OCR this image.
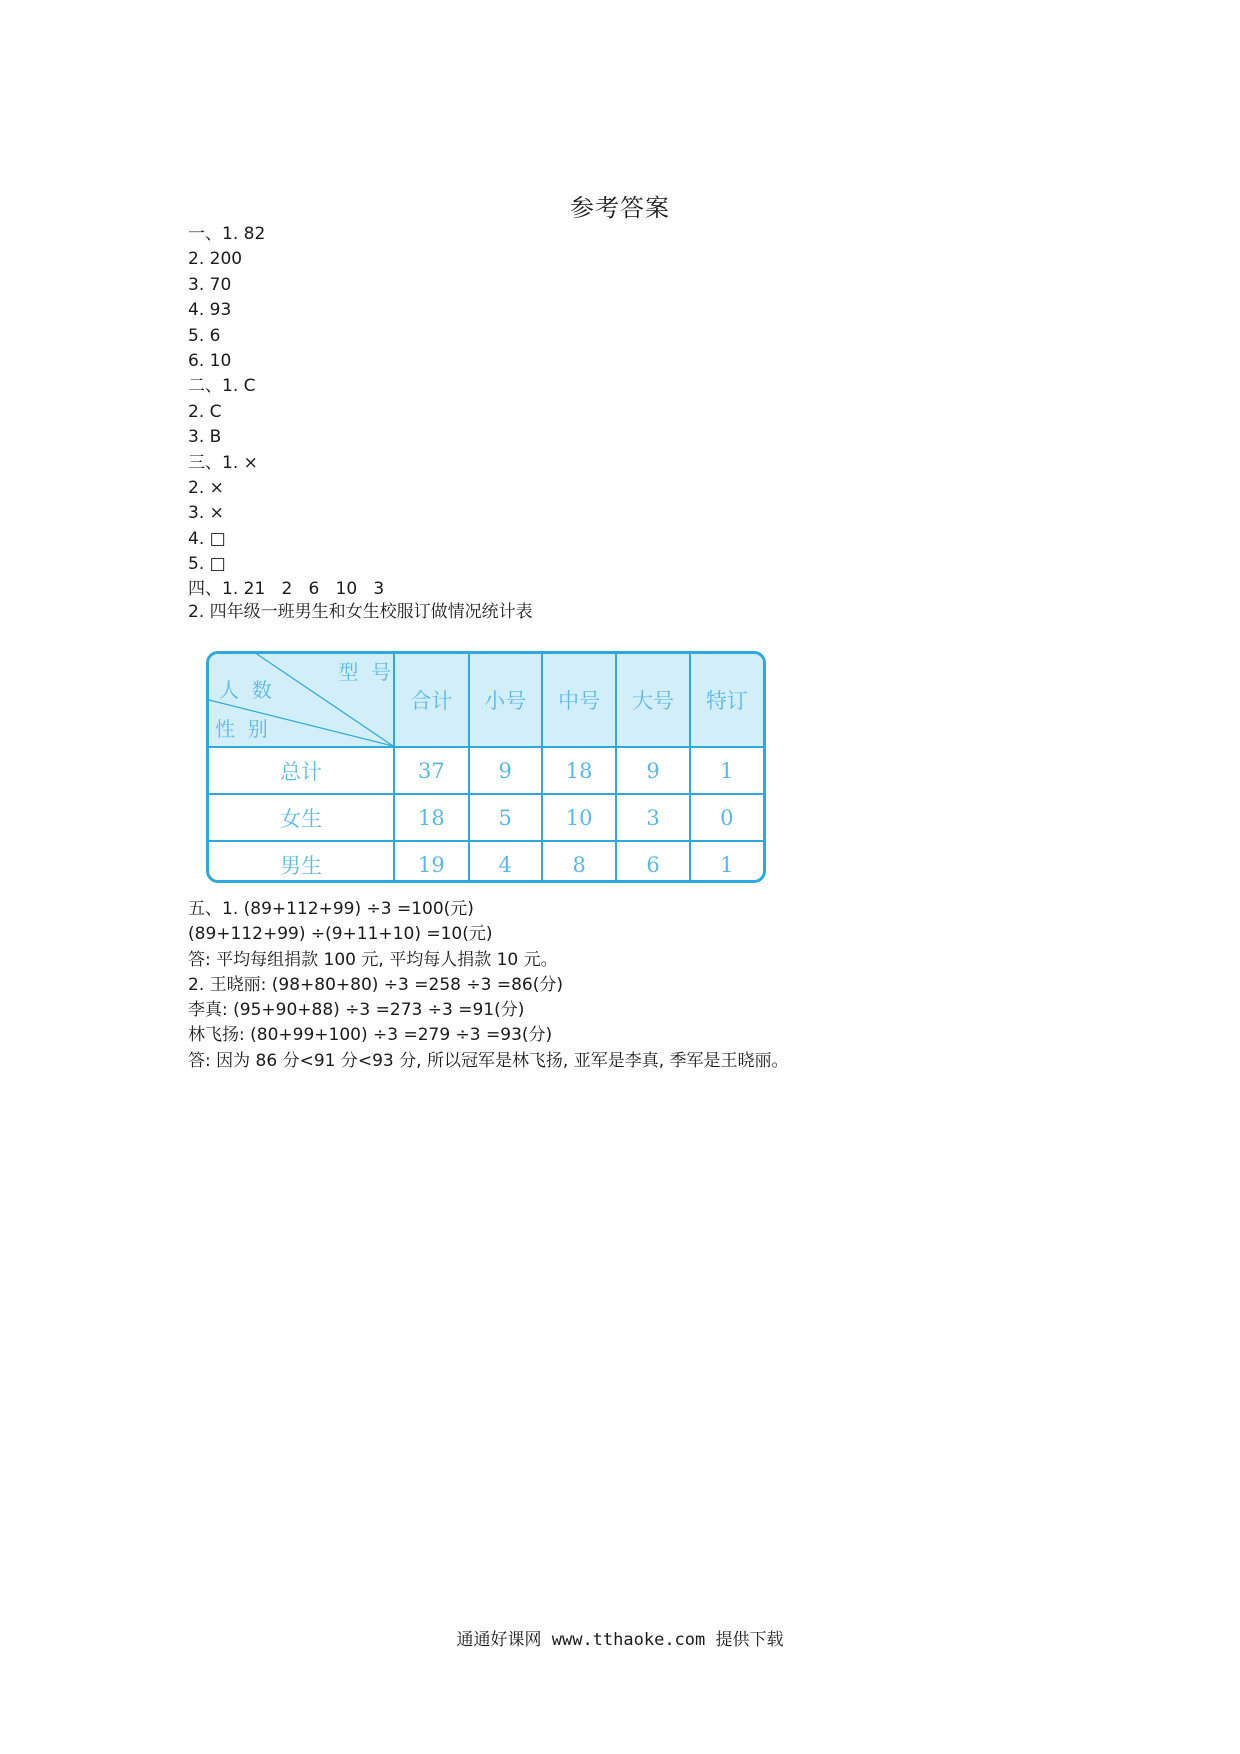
参考答案
一、1. 82
2. 200
3. 70
4. 93
5. 6
6. 10
二、1. C
2. C
3. B
三、1. ×
2. ×
3. ×
4. □
5. □
四、1. 21   2   6   10   3
2. 四年级一班男生和女生校服订做情况统计表
型  号
人  数
性  别	合计	小号	中号	大号	特订
总计	37	9	18	9	1
女生	18	5	10	3	0
男生	19	4	8	6	1
五、1. (89+112+99) ÷3 =100(元)
(89+112+99) ÷(9+11+10) =10(元)
答: 平均每组捐款 100 元, 平均每人捐款 10 元。
2. 王晓丽: (98+80+80) ÷3 =258 ÷3 =86(分)
李真: (95+90+88) ÷3 =273 ÷3 =91(分)
林飞扬: (80+99+100) ÷3 =279 ÷3 =93(分)
答: 因为 86 分<91 分<93 分, 所以冠军是林飞扬, 亚军是李真, 季军是王晓丽。
通通好课网 www.tthaoke.com 提供下载
